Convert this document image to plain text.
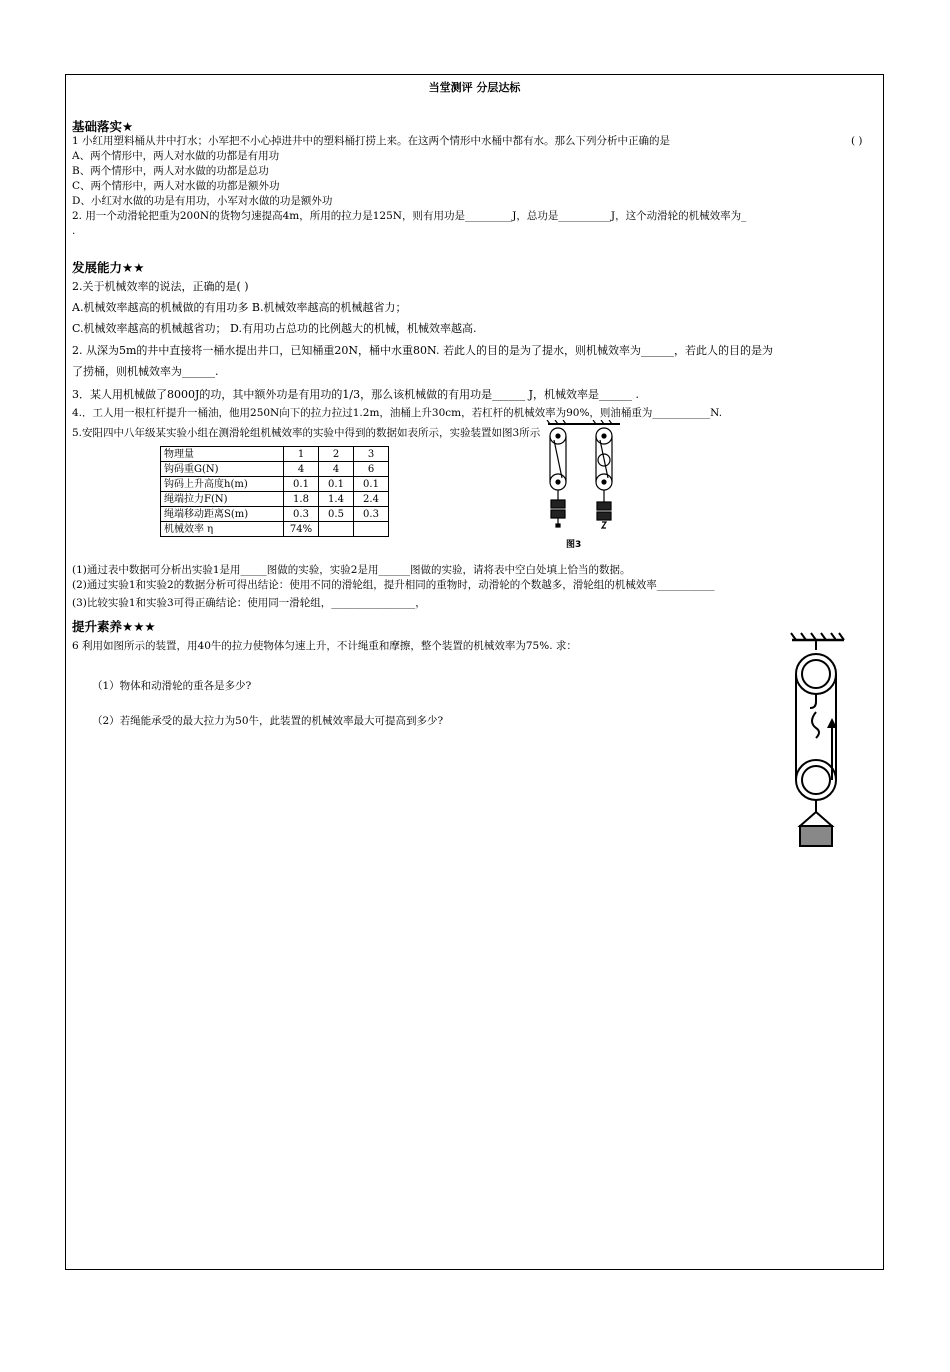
当堂测评 分层达标
基础落实★
1 小红用塑料桶从井中打水；小军把不小心掉进井中的塑料桶打捞上来。在这两个情形中水桶中都有水。那么下列分析中正确的是	( )
A、两个情形中，两人对水做的功都是有用功
B、两个情形中，两人对水做的功都是总功
C、两个情形中，两人对水做的功都是额外功
D、小红对水做的功是有用功，小军对水做的功是额外功
2. 用一个动滑轮把重为200N的货物匀速提高4m，所用的拉力是125N，则有用功是_________J，总功是__________J，这个动滑轮的机械效率为_
.
发展能力★★
2.关于机械效率的说法，正确的是( )
A.机械效率越高的机械做的有用功多 B.机械效率越高的机械越省力；
C.机械效率越高的机械越省功； D.有用功占总功的比例越大的机械，机械效率越高.
2. 从深为5m的井中直接将一桶水提出井口，已知桶重20N，桶中水重80N. 若此人的目的是为了提水，则机械效率为______，若此人的目的是为
了捞桶，则机械效率为______.
3．某人用机械做了8000J的功，其中额外功是有用功的1/3，那么该机械做的有用功是______ J，机械效率是______ .
4.．工人用一根杠杆提升一桶油，他用250N向下的拉力拉过1.2m，油桶上升30cm，若杠杆的机械效率为90%，则油桶重为___________N.
5.安阳四中八年级某实验小组在测滑轮组机械效率的实验中得到的数据如表所示，实验装置如图3所示
物理量	1	2	3
钩码重G(N)	4	4	6
钩码上升高度h(m)	0.1	0.1	0.1
绳端拉力F(N)	1.8	1.4	2.4
绳端移动距离S(m)	0.3	0.5	0.3
机械效率 η	74%		
图3
(1)通过表中数据可分析出实验1是用_____图做的实验，实验2是用______图做的实验，请将表中空白处填上恰当的数据。
(2)通过实验1和实验2的数据分析可得出结论：使用不同的滑轮组，提升相同的重物时，动滑轮的个数越多，滑轮组的机械效率___________
(3)比较实验1和实验3可得正确结论：使用同一滑轮组，________________，
提升素养★★★
6 利用如图所示的装置，用40牛的拉力使物体匀速上升，不计绳重和摩擦，整个装置的机械效率为75%. 求：
（1）物体和动滑轮的重各是多少?
（2）若绳能承受的最大拉力为50牛，此装置的机械效率最大可提高到多少?
